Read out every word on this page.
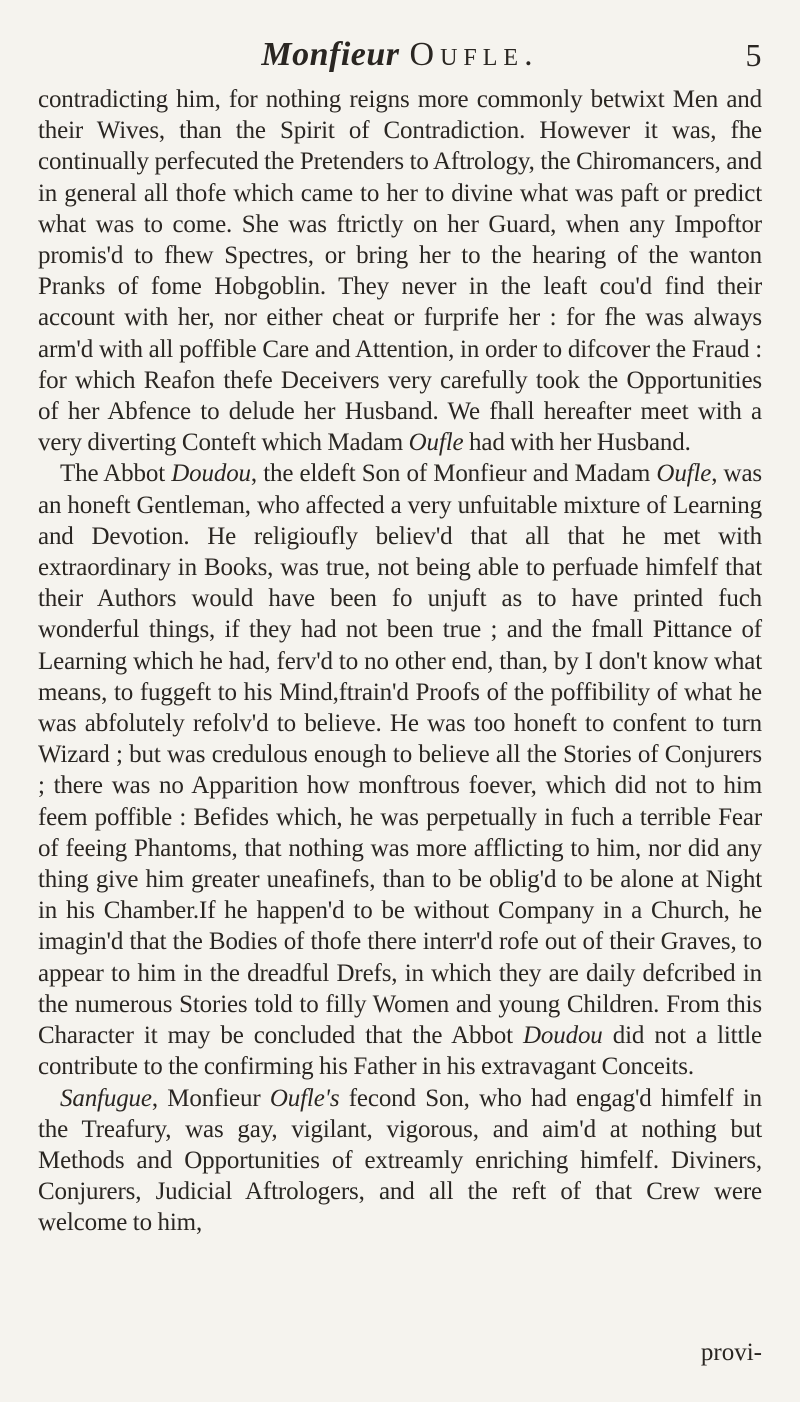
Monfieur Oufle.	5

contradicting him, for nothing reigns more commonly betwixt Men and their Wives, than the Spirit of Contradiction. However it was, fhe continually perfecuted the Pretenders to Aftrology, the Chiromancers, and in general all thofe which came to her to divine what was paft or predict what was to come. She was ftrictly on her Guard, when any Impoftor promis'd to fhew Spectres, or bring her to the hearing of the wanton Pranks of fome Hobgoblin. They never in the leaft cou'd find their account with her, nor either cheat or furprife her : for fhe was always arm'd with all poffible Care and Attention, in order to difcover the Fraud : for which Reafon thefe Deceivers very carefully took the Opportunities of her Abfence to delude her Husband. We fhall hereafter meet with a very diverting Conteft which Madam Oufle had with her Husband.

The Abbot Doudou, the eldeft Son of Monfieur and Madam Oufle, was an honeft Gentleman, who affected a very unfuitable mixture of Learning and Devotion. He religioufly believ'd that all that he met with extraordinary in Books, was true, not being able to perfuade himfelf that their Authors would have been fo unjuft as to have printed fuch wonderful things, if they had not been true ; and the fmall Pittance of Learning which he had, ferv'd to no other end, than, by I don't know what means, to fuggeft to his Mind,ftrain'd Proofs of the poffibility of what he was abfolutely refolv'd to believe. He was too honeft to confent to turn Wizard ; but was credulous enough to believe all the Stories of Conjurers ; there was no Apparition how monftrous foever, which did not to him feem poffible : Befides which, he was perpetually in fuch a terrible Fear of feeing Phantoms, that nothing was more afflicting to him, nor did any thing give him greater uneafinefs, than to be oblig'd to be alone at Night in his Chamber.If he happen'd to be without Company in a Church, he imagin'd that the Bodies of thofe there interr'd rofe out of their Graves, to appear to him in the dreadful Drefs, in which they are daily defcribed in the numerous Stories told to filly Women and young Children. From this Character it may be concluded that the Abbot Doudou did not a little contribute to the confirming his Father in his extravagant Conceits.

Sanfugue, Monfieur Oufle's fecond Son, who had engag'd himfelf in the Treafury, was gay, vigilant, vigorous, and aim'd at nothing but Methods and Opportunities of extreamly enriching himfelf. Diviners, Conjurers, Judicial Aftrologers, and all the reft of that Crew were welcome to him,

provi-
